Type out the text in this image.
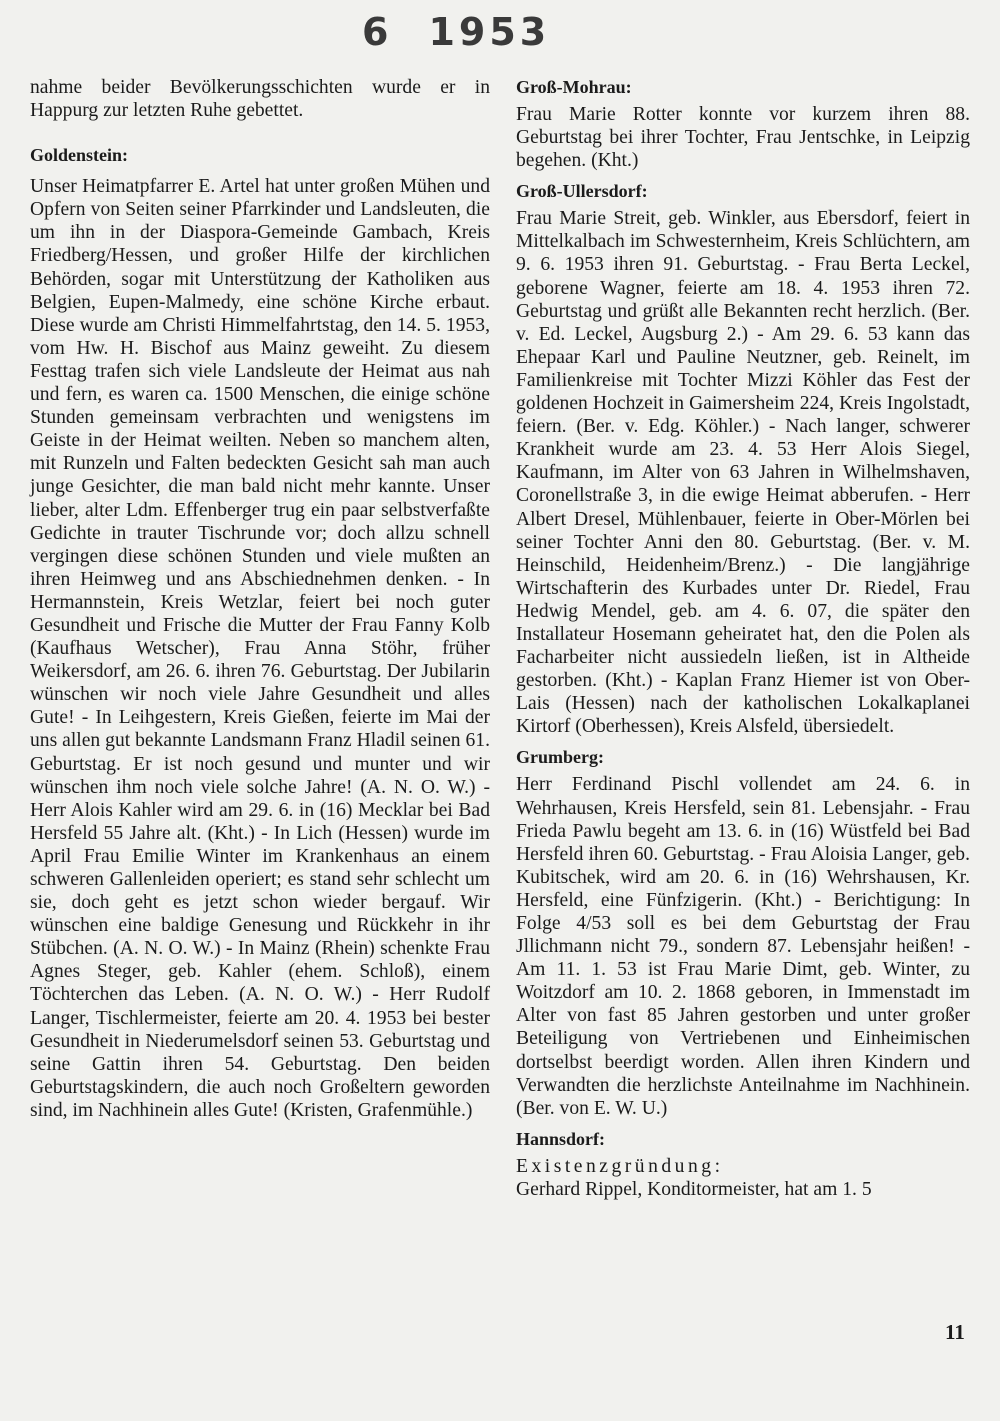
6 1953

nahme beider Bevölkerungsschichten wurde er in Happurg zur letzten Ruhe gebettet.

Goldenstein:

Unser Heimatpfarrer E. Artel hat unter großen Mühen und Opfern von Seiten seiner Pfarrkinder und Landsleuten, die um ihn in der Diaspora-Gemeinde Gambach, Kreis Friedberg/Hessen, und großer Hilfe der kirchlichen Behörden, sogar mit Unterstützung der Katholiken aus Belgien, Eupen-Malmedy, eine schöne Kirche erbaut. Diese wurde am Christi Himmelfahrtstag, den 14. 5. 1953, vom Hw. H. Bischof aus Mainz geweiht. Zu diesem Festtag trafen sich viele Landsleute der Heimat aus nah und fern, es waren ca. 1500 Menschen, die einige schöne Stunden gemeinsam verbrachten und wenigstens im Geiste in der Heimat weilten. Neben so manchem alten, mit Runzeln und Falten bedeckten Gesicht sah man auch junge Gesichter, die man bald nicht mehr kannte. Unser lieber, alter Ldm. Effenberger trug ein paar selbstverfaßte Gedichte in trauter Tischrunde vor; doch allzu schnell vergingen diese schönen Stunden und viele mußten an ihren Heimweg und ans Abschiednehmen denken. - In Hermannstein, Kreis Wetzlar, feiert bei noch guter Gesundheit und Frische die Mutter der Frau Fanny Kolb (Kaufhaus Wetscher), Frau Anna Stöhr, früher Weikersdorf, am 26. 6. ihren 76. Geburtstag. Der Jubilarin wünschen wir noch viele Jahre Gesundheit und alles Gute! - In Leihgestern, Kreis Gießen, feierte im Mai der uns allen gut bekannte Landsmann Franz Hladil seinen 61. Geburtstag. Er ist noch gesund und munter und wir wünschen ihm noch viele solche Jahre! (A. N. O. W.) - Herr Alois Kahler wird am 29. 6. in (16) Mecklar bei Bad Hersfeld 55 Jahre alt. (Kht.) - In Lich (Hessen) wurde im April Frau Emilie Winter im Krankenhaus an einem schweren Gallenleiden operiert; es stand sehr schlecht um sie, doch geht es jetzt schon wieder bergauf. Wir wünschen eine baldige Genesung und Rückkehr in ihr Stübchen. (A. N. O. W.) - In Mainz (Rhein) schenkte Frau Agnes Steger, geb. Kahler (ehem. Schloß), einem Töchterchen das Leben. (A. N. O. W.) - Herr Rudolf Langer, Tischlermeister, feierte am 20. 4. 1953 bei bester Gesundheit in Niederumelsdorf seinen 53. Geburtstag und seine Gattin ihren 54. Geburtstag. Den beiden Geburtstagskindern, die auch noch Großeltern geworden sind, im Nachhinein alles Gute! (Kristen, Grafenmühle.)

Groß-Mohrau:

Frau Marie Rotter konnte vor kurzem ihren 88. Geburtstag bei ihrer Tochter, Frau Jentschke, in Leipzig begehen. (Kht.)

Groß-Ullersdorf:

Frau Marie Streit, geb. Winkler, aus Ebersdorf, feiert in Mittelkalbach im Schwesternheim, Kreis Schlüchtern, am 9. 6. 1953 ihren 91. Geburtstag. - Frau Berta Leckel, geborene Wagner, feierte am 18. 4. 1953 ihren 72. Geburtstag und grüßt alle Bekannten recht herzlich. (Ber. v. Ed. Leckel, Augsburg 2.) - Am 29. 6. 53 kann das Ehepaar Karl und Pauline Neutzner, geb. Reinelt, im Familienkreise mit Tochter Mizzi Köhler das Fest der goldenen Hochzeit in Gaimersheim 224, Kreis Ingolstadt, feiern. (Ber. v. Edg. Köhler.) - Nach langer, schwerer Krankheit wurde am 23. 4. 53 Herr Alois Siegel, Kaufmann, im Alter von 63 Jahren in Wilhelmshaven, Coronellstraße 3, in die ewige Heimat abberufen. - Herr Albert Dresel, Mühlenbauer, feierte in Ober-Mörlen bei seiner Tochter Anni den 80. Geburtstag. (Ber. v. M. Heinschild, Heidenheim/Brenz.) - Die langjährige Wirtschafterin des Kurbades unter Dr. Riedel, Frau Hedwig Mendel, geb. am 4. 6. 07, die später den Installateur Hosemann geheiratet hat, den die Polen als Facharbeiter nicht aussiedeln ließen, ist in Altheide gestorben. (Kht.) - Kaplan Franz Hiemer ist von Ober-Lais (Hessen) nach der katholischen Lokalkaplanei Kirtorf (Oberhessen), Kreis Alsfeld, übersiedelt.

Grumberg:

Herr Ferdinand Pischl vollendet am 24. 6. in Wehrhausen, Kreis Hersfeld, sein 81. Lebensjahr. - Frau Frieda Pawlu begeht am 13. 6. in (16) Wüstfeld bei Bad Hersfeld ihren 60. Geburtstag. - Frau Aloisia Langer, geb. Kubitschek, wird am 20. 6. in (16) Wehrshausen, Kr. Hersfeld, eine Fünfzigerin. (Kht.) - Berichtigung: In Folge 4/53 soll es bei dem Geburtstag der Frau Jllichmann nicht 79., sondern 87. Lebensjahr heißen! - Am 11. 1. 53 ist Frau Marie Dimt, geb. Winter, zu Woitzdorf am 10. 2. 1868 geboren, in Immenstadt im Alter von fast 85 Jahren gestorben und unter großer Beteiligung von Vertriebenen und Einheimischen dortselbst beerdigt worden. Allen ihren Kindern und Verwandten die herzlichste Anteilnahme im Nachhinein. (Ber. von E. W. U.)

Hannsdorf:

Existenzgründung:

Gerhard Rippel, Konditormeister, hat am 1. 5

11
